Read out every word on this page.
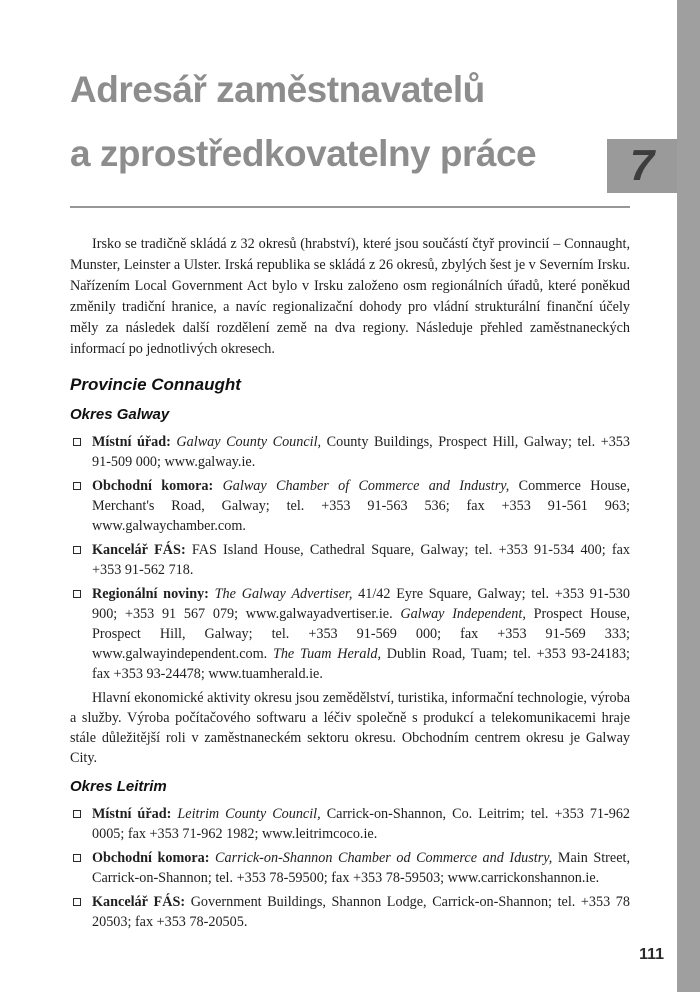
7
Adresář zaměstnavatelů
a zprostředkovatelny práce

Irsko se tradičně skládá z 32 okresů (hrabství), které jsou součástí čtyř provincií – Connaught, Munster, Leinster a Ulster. Irská republika se skládá z 26 okresů, zbylých šest je v Severním Irsku. Nařízením Local Government Act bylo v Irsku založeno osm regionálních úřadů, které poněkud změnily tradiční hranice, a navíc regionalizační dohody pro vládní strukturální finanční účely měly za následek další rozdělení země na dva regiony. Následuje přehled zaměstnaneckých informací po jednotlivých okresech.

Provincie Connaught
Okres Galway

Místní úřad: Galway County Council, County Buildings, Prospect Hill, Galway; tel. +353 91-509 000; www.galway.ie.

Obchodní komora: Galway Chamber of Commerce and Industry, Commerce House, Merchant's Road, Galway; tel. +353 91-563 536; fax +353 91-561 963; www.galwaychamber.com.

Kancelář FÁS: FAS Island House, Cathedral Square, Galway; tel. +353 91-534 400; fax +353 91-562 718.

Regionální noviny: The Galway Advertiser, 41/42 Eyre Square, Galway; tel. +353 91-530 900; +353 91 567 079; www.galwayadvertiser.ie. Galway Independent, Prospect House, Prospect Hill, Galway; tel. +353 91-569 000; fax +353 91-569 333; www.galwayindependent.com. The Tuam Herald, Dublin Road, Tuam; tel. +353 93-24183; fax +353 93-24478; www.tuamherald.ie.

Hlavní ekonomické aktivity okresu jsou zemědělství, turistika, informační technologie, výroba a služby. Výroba počítačového softwaru a léčiv společně s produkcí a telekomunikacemi hraje stále důležitější roli v zaměstnaneckém sektoru okresu. Obchodním centrem okresu je Galway City.

Okres Leitrim

Místní úřad: Leitrim County Council, Carrick-on-Shannon, Co. Leitrim; tel. +353 71-962 0005; fax +353 71-962 1982; www.leitrimcoco.ie.

Obchodní komora: Carrick-on-Shannon Chamber od Commerce and Idustry, Main Street, Carrick-on-Shannon; tel. +353 78-59500; fax +353 78-59503; www.carrickonshannon.ie.

Kancelář FÁS: Government Buildings, Shannon Lodge, Carrick-on-Shannon; tel. +353 78 20503; fax +353 78-20505.

111
